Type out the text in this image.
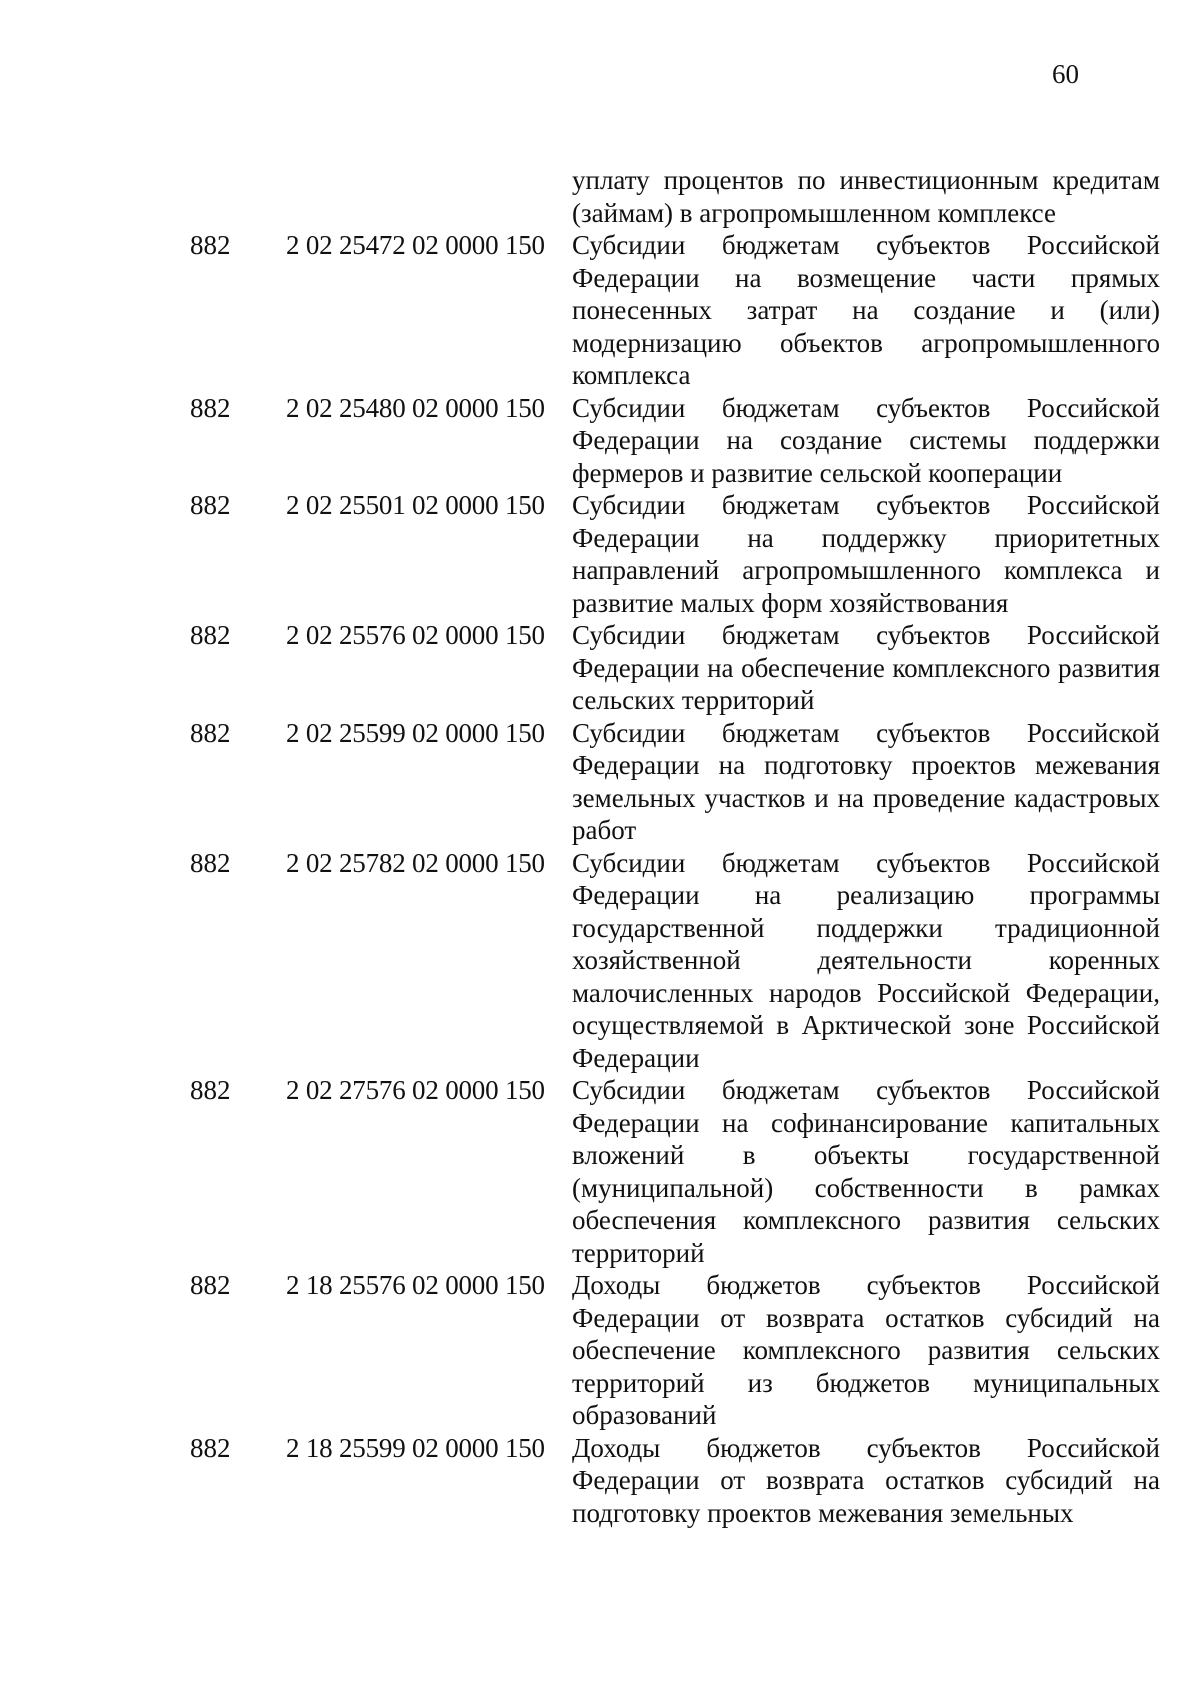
60
уплату процентов по инвестиционным кредитам (займам) в агропромышленном комплексе
882	2 02 25472 02 0000 150	Субсидии бюджетам субъектов Российской Федерации на возмещение части прямых понесенных затрат на создание и (или) модернизацию объектов агропромышленного комплекса
882	2 02 25480 02 0000 150	Субсидии бюджетам субъектов Российской Федерации на создание системы поддержки фермеров и развитие сельской кооперации
882	2 02 25501 02 0000 150	Субсидии бюджетам субъектов Российской Федерации на поддержку приоритетных направлений агропромышленного комплекса и развитие малых форм хозяйствования
882	2 02 25576 02 0000 150	Субсидии бюджетам субъектов Российской Федерации на обеспечение комплексного развития сельских территорий
882	2 02 25599 02 0000 150	Субсидии бюджетам субъектов Российской Федерации на подготовку проектов межевания земельных участков и на проведение кадастровых работ
882	2 02 25782 02 0000 150	Субсидии бюджетам субъектов Российской Федерации на реализацию программы государственной поддержки традиционной хозяйственной деятельности коренных малочисленных народов Российской Федерации, осуществляемой в Арктической зоне Российской Федерации
882	2 02 27576 02 0000 150	Субсидии бюджетам субъектов Российской Федерации на софинансирование капитальных вложений в объекты государственной (муниципальной) собственности в рамках обеспечения комплексного развития сельских территорий
882	2 18 25576 02 0000 150	Доходы бюджетов субъектов Российской Федерации от возврата остатков субсидий на обеспечение комплексного развития сельских территорий из бюджетов муниципальных образований
882	2 18 25599 02 0000 150	Доходы бюджетов субъектов Российской Федерации от возврата остатков субсидий на подготовку проектов межевания земельных
